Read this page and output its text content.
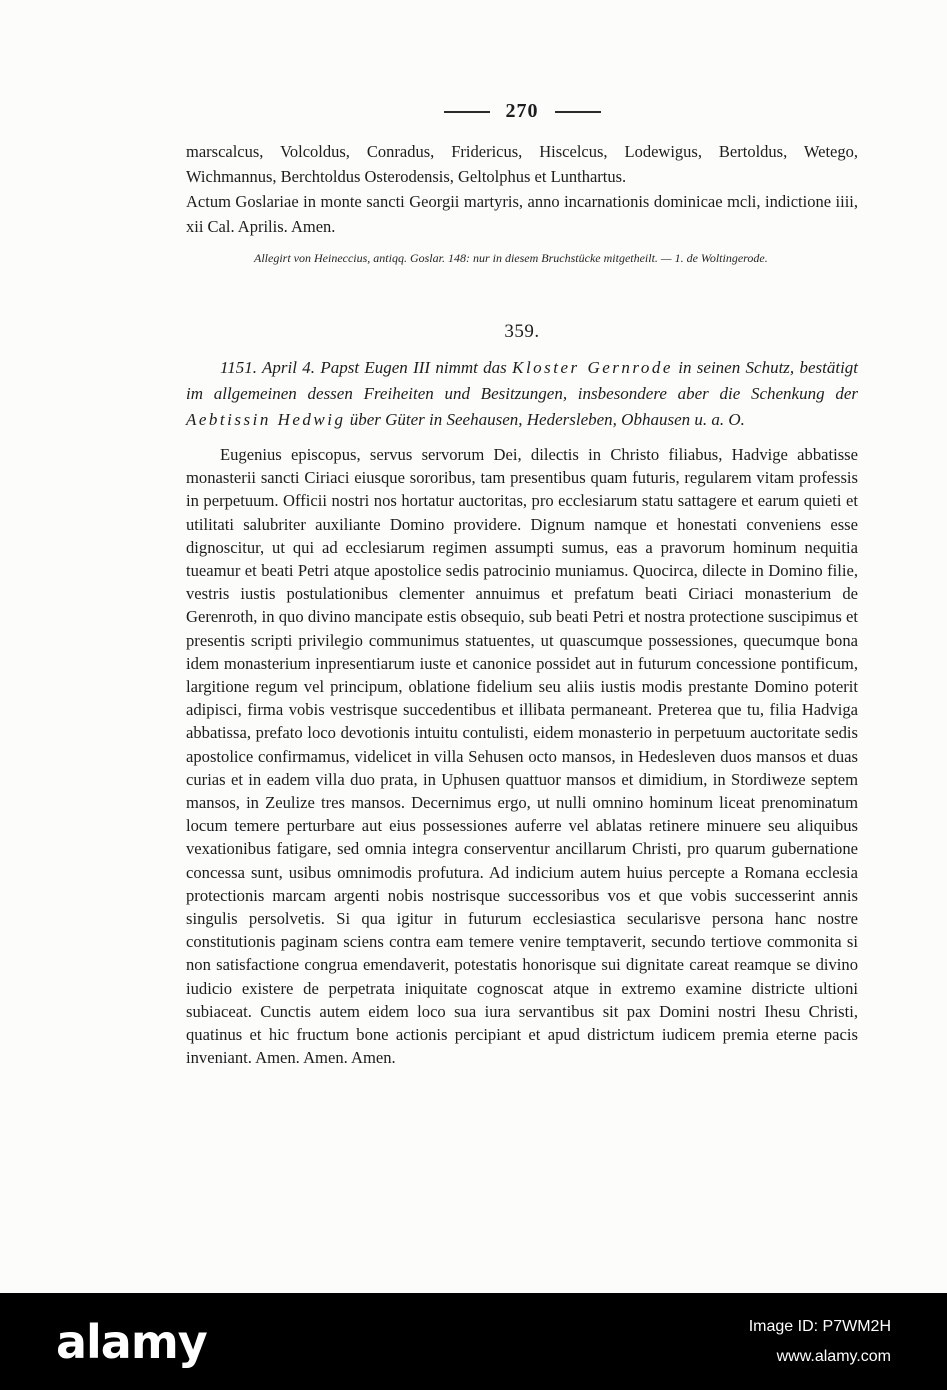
270

marscalcus, Volcoldus, Conradus, Fridericus, Hiscelcus, Lodewigus, Bertoldus, Wetego, Wichmannus, Berchtoldus Osterodensis, Geltolphus et Lunthartus.

Actum Goslariae in monte sancti Georgii martyris, anno incarnationis dominicae mcli, indictione iiii, xii Cal. Aprilis. Amen.

Allegirt von Heineccius, antiqq. Goslar. 148: nur in diesem Bruchstücke mitgetheilt. — 1. de Woltingerode.

359.

1151. April 4. Papst Eugen III nimmt das Kloster Gernrode in seinen Schutz, bestätigt im allgemeinen dessen Freiheiten und Besitzungen, insbesondere aber die Schenkung der Aebtissin Hedwig über Güter in Seehausen, Hedersleben, Obhausen u. a. O.

Eugenius episcopus, servus servorum Dei, dilectis in Christo filiabus, Hadvige abbatisse monasterii sancti Ciriaci eiusque sororibus, tam presentibus quam futuris, regularem vitam professis in perpetuum. Officii nostri nos hortatur auctoritas, pro ecclesiarum statu sattagere et earum quieti et utilitati salubriter auxiliante Domino providere. Dignum namque et honestati conveniens esse dignoscitur, ut qui ad ecclesiarum regimen assumpti sumus, eas a pravorum hominum nequitia tueamur et beati Petri atque apostolice sedis patrocinio muniamus. Quocirca, dilecte in Domino filie, vestris iustis postulationibus clementer annuimus et prefatum beati Ciriaci monasterium de Gerenroth, in quo divino mancipate estis obsequio, sub beati Petri et nostra protectione suscipimus et presentis scripti privilegio communimus statuentes, ut quascumque possessiones, quecumque bona idem monasterium inpresentiarum iuste et canonice possidet aut in futurum concessione pontificum, largitione regum vel principum, oblatione fidelium seu aliis iustis modis prestante Domino poterit adipisci, firma vobis vestrisque succedentibus et illibata permaneant. Preterea que tu, filia Hadviga abbatissa, prefato loco devotionis intuitu contulisti, eidem monasterio in perpetuum auctoritate sedis apostolice confirmamus, videlicet in villa Sehusen octo mansos, in Hedesleven duos mansos et duas curias et in eadem villa duo prata, in Uphusen quattuor mansos et dimidium, in Stordiweze septem mansos, in Zeulize tres mansos. Decernimus ergo, ut nulli omnino hominum liceat prenominatum locum temere perturbare aut eius possessiones auferre vel ablatas retinere minuere seu aliquibus vexationibus fatigare, sed omnia integra conserventur ancillarum Christi, pro quarum gubernatione concessa sunt, usibus omnimodis profutura. Ad indicium autem huius percepte a Romana ecclesia protectionis marcam argenti nobis nostrisque successoribus vos et que vobis successerint annis singulis persolvetis. Si qua igitur in futurum ecclesiastica secularisve persona hanc nostre constitutionis paginam sciens contra eam temere venire temptaverit, secundo tertiove commonita si non satisfactione congrua emendaverit, potestatis honorisque sui dignitate careat reamque se divino iudicio existere de perpetrata iniquitate cognoscat atque in extremo examine districte ultioni subiaceat. Cunctis autem eidem loco sua iura servantibus sit pax Domini nostri Ihesu Christi, quatinus et hic fructum bone actionis percipiant et apud districtum iudicem premia eterne pacis inveniant. Amen. Amen. Amen.

alamy	Image ID: P7WM2H
www.alamy.com
